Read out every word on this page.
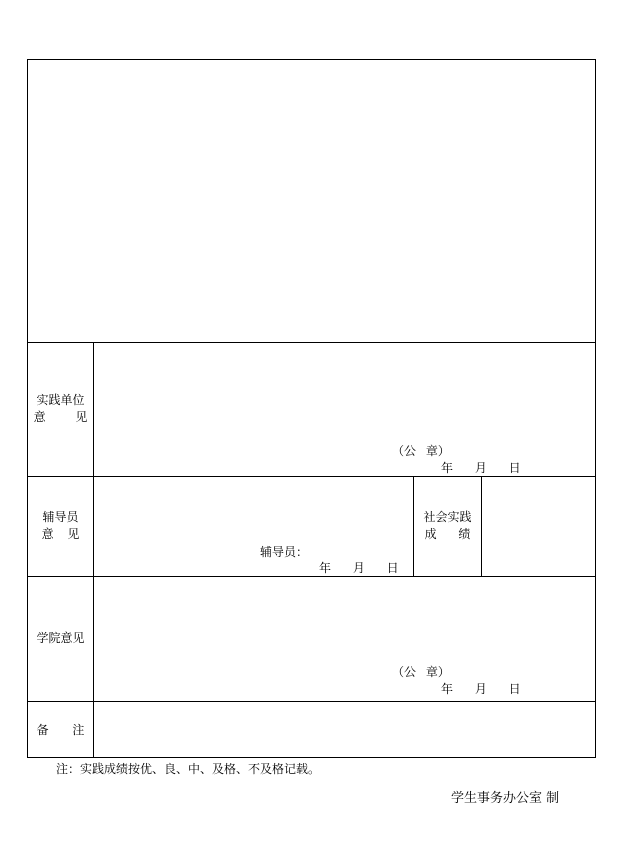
实践单位
意 见
（公 章）
年 月 日
辅导员
意 见
辅导员：
年 月 日
社会实践
成 绩
学院意见
（公 章）
年 月 日
备 注
注：实践成绩按优、良、中、及格、不及格记载。
学生事务办公室 制
